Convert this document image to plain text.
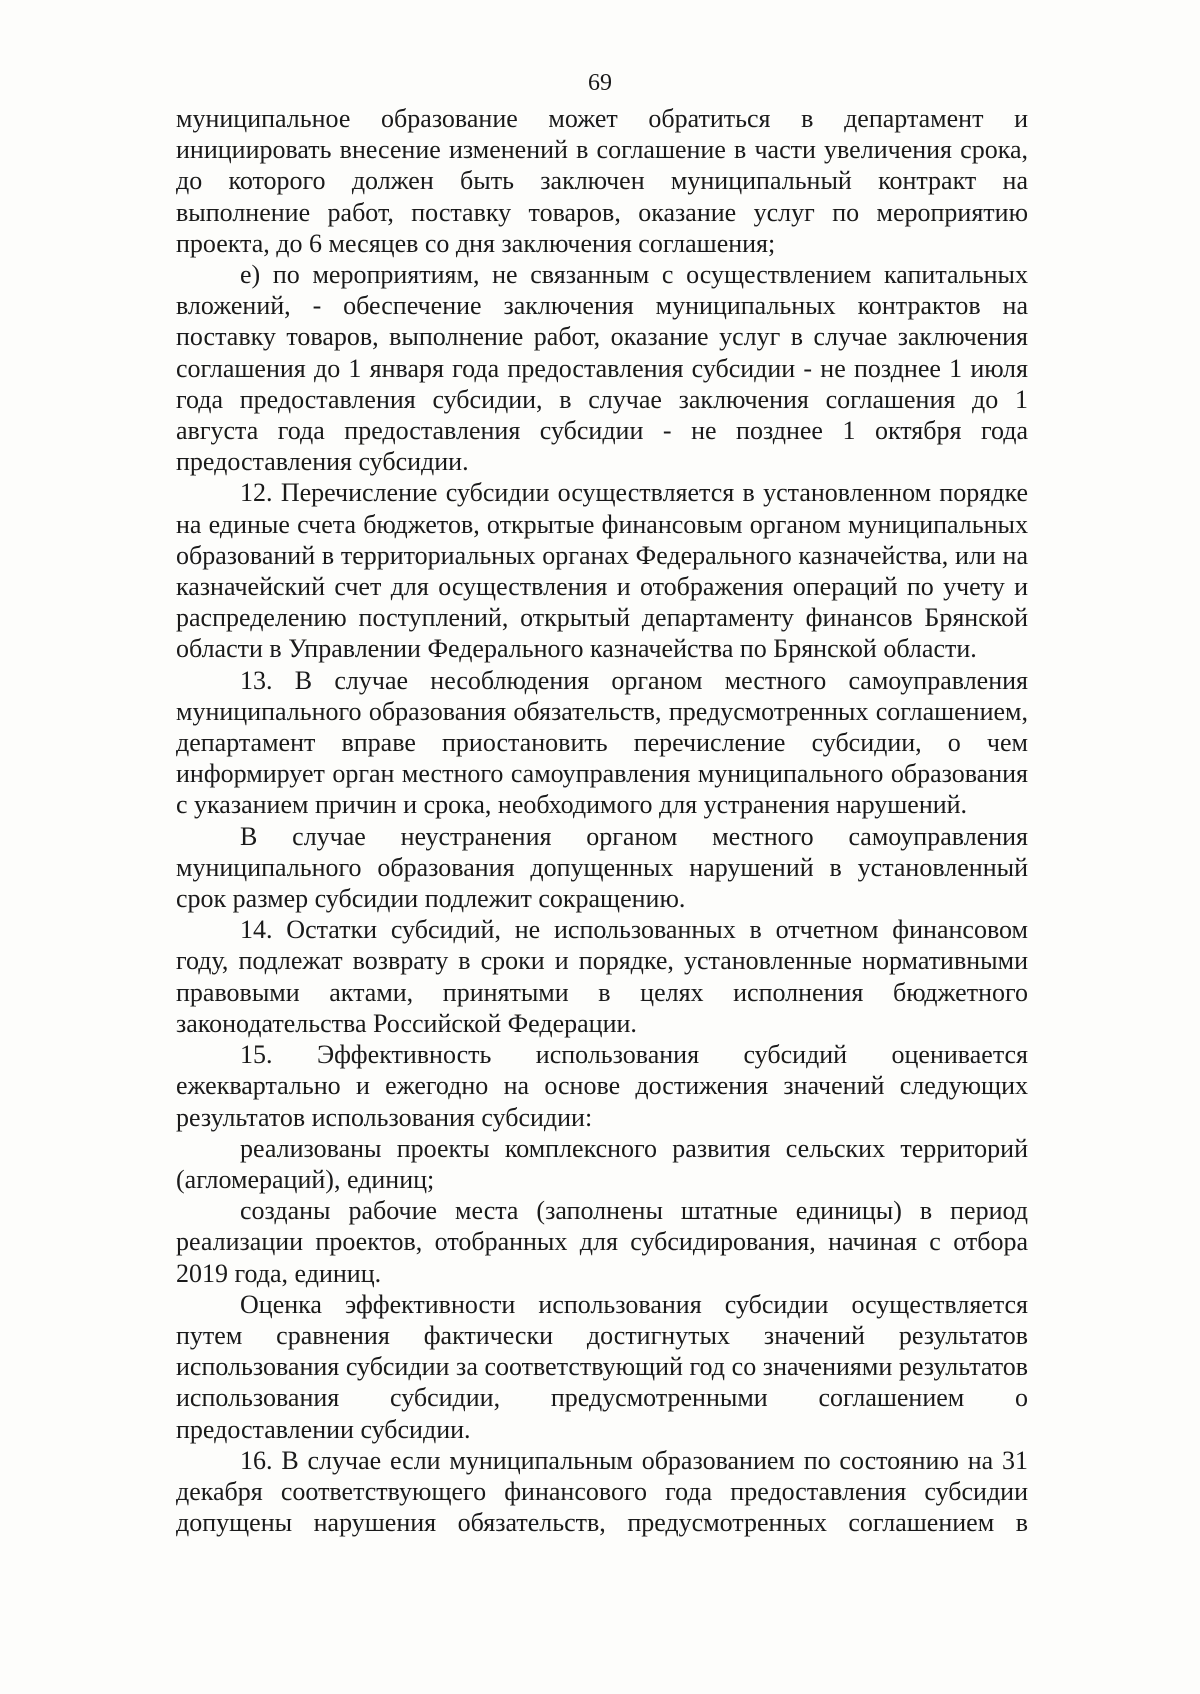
69

муниципальное образование может обратиться в департамент и инициировать внесение изменений в соглашение в части увеличения срока, до которого должен быть заключен муниципальный контракт на выполнение работ, поставку товаров, оказание услуг по мероприятию проекта, до 6 месяцев со дня заключения соглашения;

е) по мероприятиям, не связанным с осуществлением капитальных вложений, - обеспечение заключения муниципальных контрактов на поставку товаров, выполнение работ, оказание услуг в случае заключения соглашения до 1 января года предоставления субсидии - не позднее 1 июля года предоставления субсидии, в случае заключения соглашения до 1 августа года предоставления субсидии - не позднее 1 октября года предоставления субсидии.

12. Перечисление субсидии осуществляется в установленном порядке на единые счета бюджетов, открытые финансовым органом муниципальных образований в территориальных органах Федерального казначейства, или на казначейский счет для осуществления и отображения операций по учету и распределению поступлений, открытый департаменту финансов Брянской области в Управлении Федерального казначейства по Брянской области.

13. В случае несоблюдения органом местного самоуправления муниципального образования обязательств, предусмотренных соглашением, департамент вправе приостановить перечисление субсидии, о чем информирует орган местного самоуправления муниципального образования с указанием причин и срока, необходимого для устранения нарушений.

В случае неустранения органом местного самоуправления муниципального образования допущенных нарушений в установленный срок размер субсидии подлежит сокращению.

14. Остатки субсидий, не использованных в отчетном финансовом году, подлежат возврату в сроки и порядке, установленные нормативными правовыми актами, принятыми в целях исполнения бюджетного законодательства Российской Федерации.

15. Эффективность использования субсидий оценивается ежеквартально и ежегодно на основе достижения значений следующих результатов использования субсидии:

реализованы проекты комплексного развития сельских территорий (агломераций), единиц;

созданы рабочие места (заполнены штатные единицы) в период реализации проектов, отобранных для субсидирования, начиная с отбора 2019 года, единиц.

Оценка эффективности использования субсидии осуществляется путем сравнения фактически достигнутых значений результатов использования субсидии за соответствующий год со значениями результатов использования субсидии, предусмотренными соглашением о предоставлении субсидии.

16. В случае если муниципальным образованием по состоянию на 31 декабря соответствующего финансового года предоставления субсидии допущены нарушения обязательств, предусмотренных соглашением в
